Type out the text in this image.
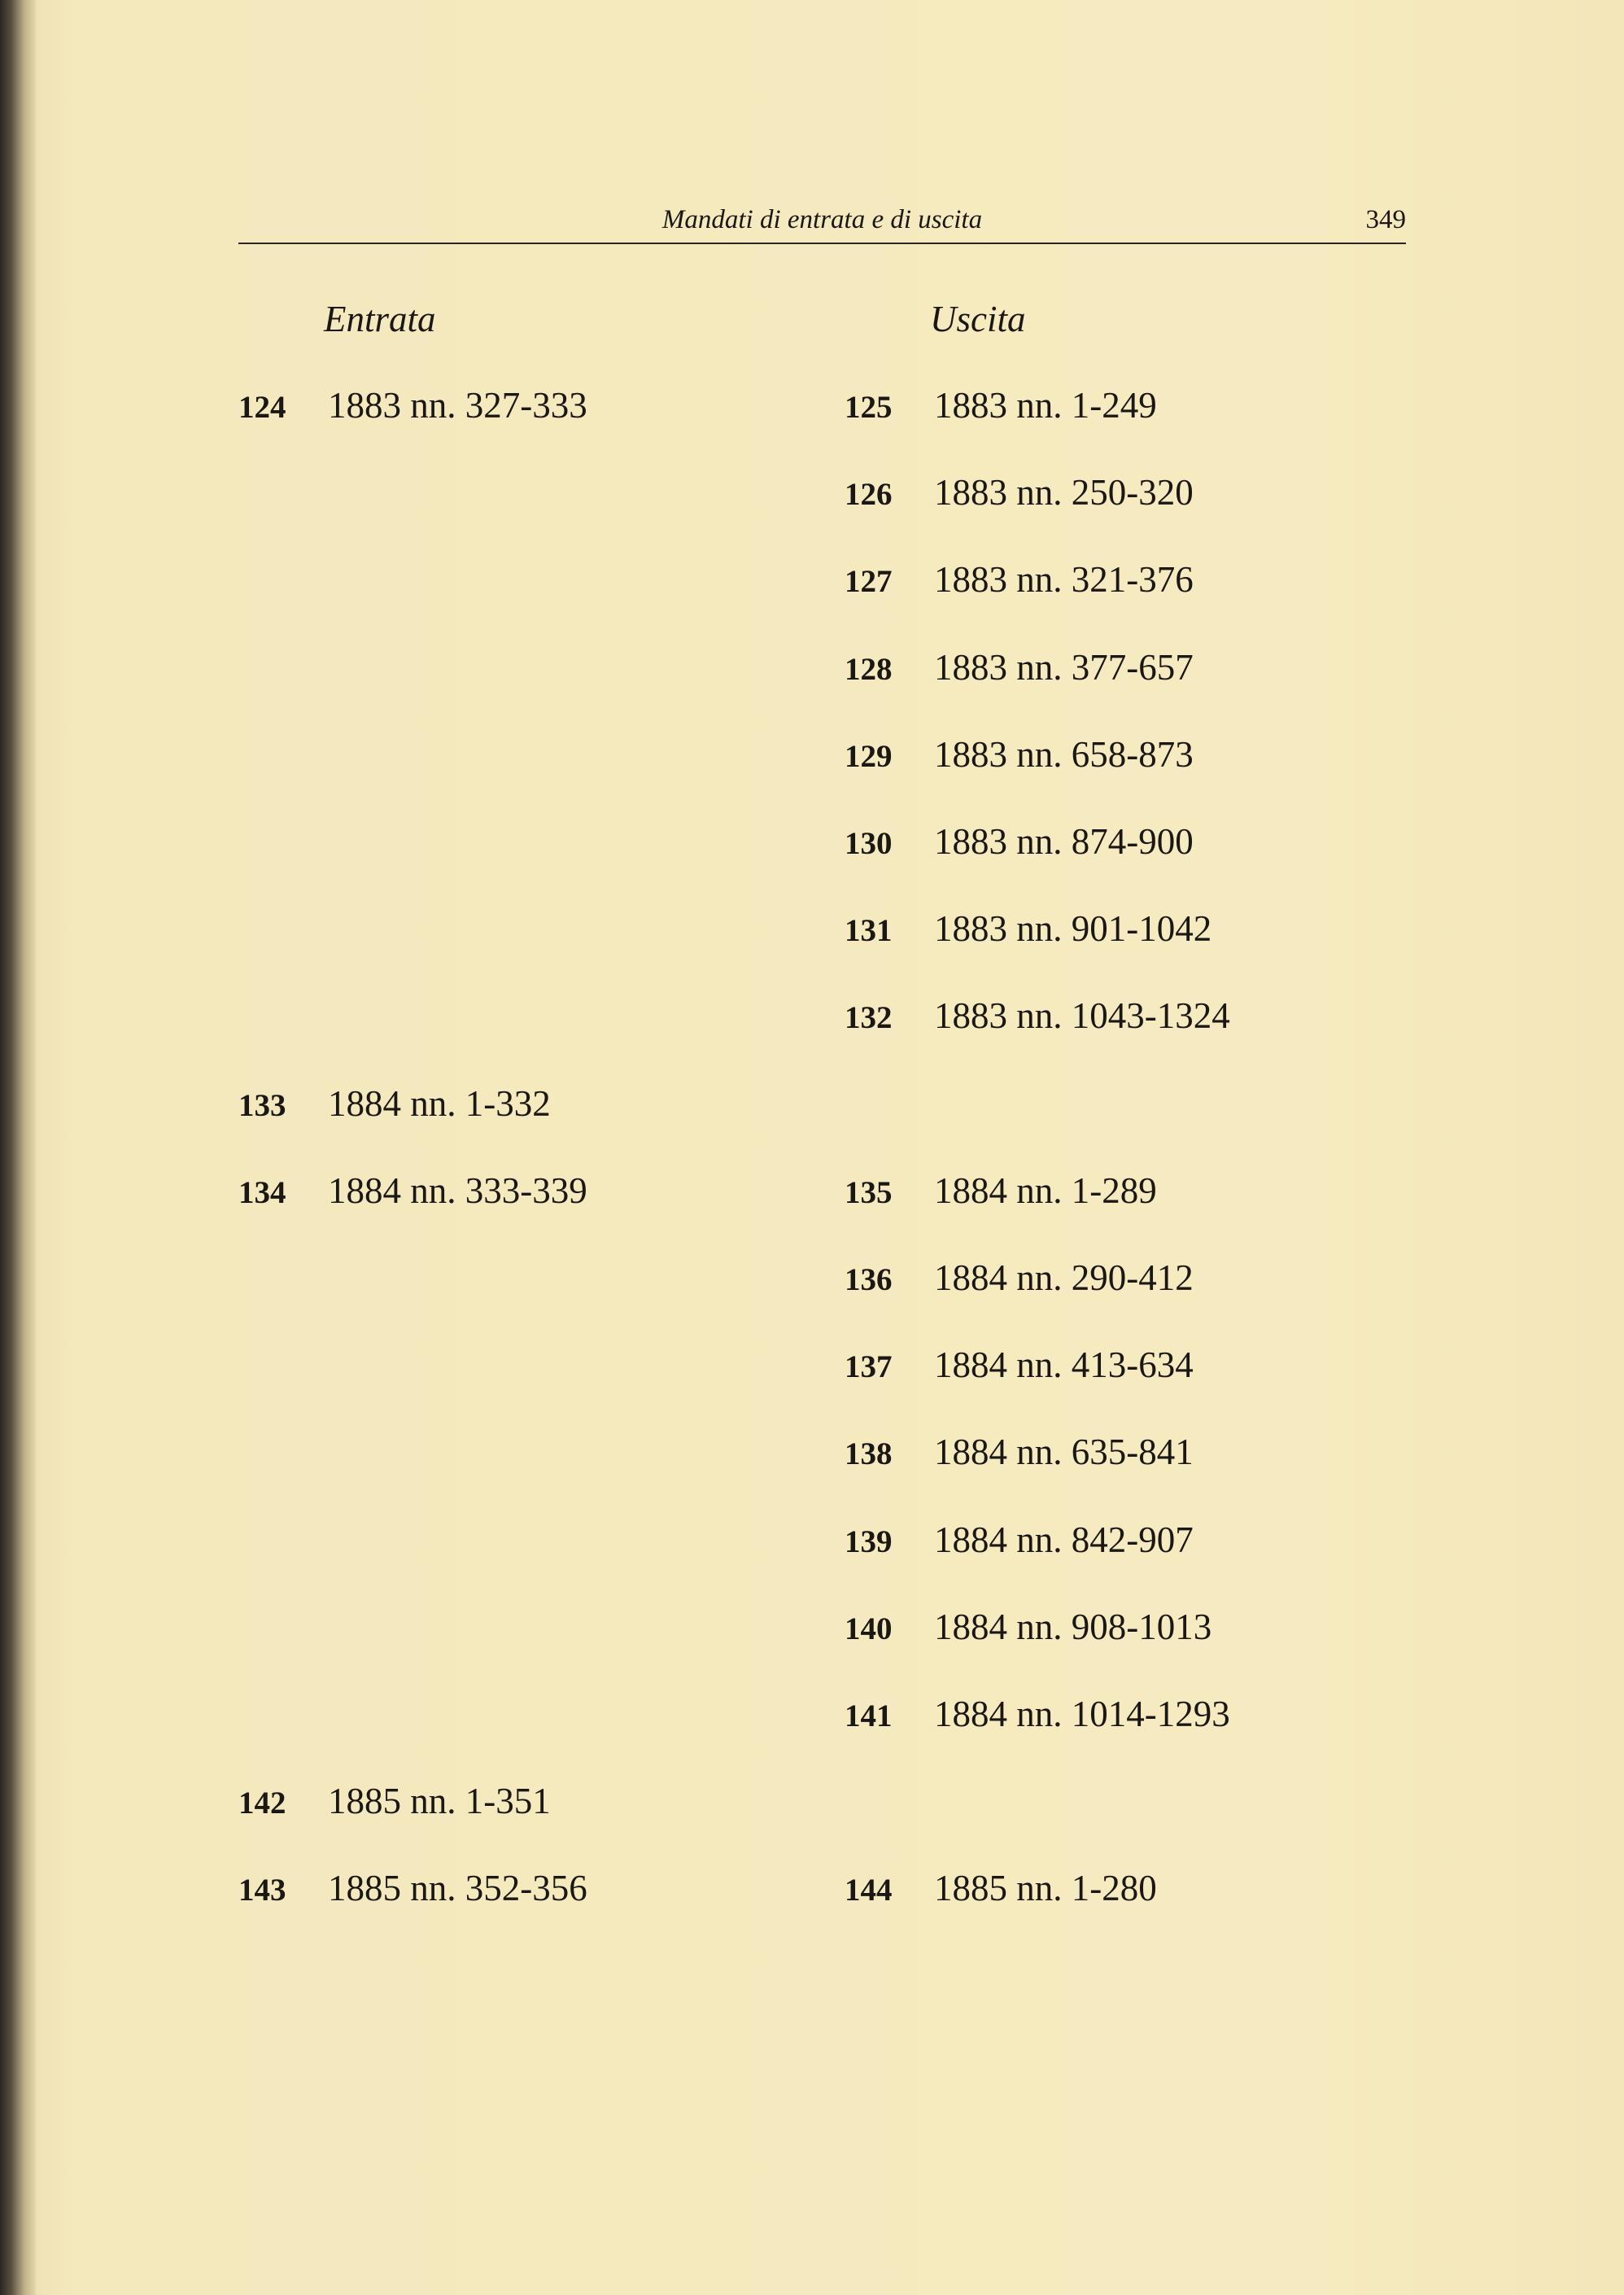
Mandati di entrata e di uscita	349
Entrata	Uscita
124 1883 nn. 327-333
133 1884 nn. 1-332
134 1884 nn. 333-339
142 1885 nn. 1-351
143 1885 nn. 352-356
125 1883 nn. 1-249
126 1883 nn. 250-320
127 1883 nn. 321-376
128 1883 nn. 377-657
129 1883 nn. 658-873
130 1883 nn. 874-900
131 1883 nn. 901-1042
132 1883 nn. 1043-1324
135 1884 nn. 1-289
136 1884 nn. 290-412
137 1884 nn. 413-634
138 1884 nn. 635-841
139 1884 nn. 842-907
140 1884 nn. 908-1013
141 1884 nn. 1014-1293
144 1885 nn. 1-280
